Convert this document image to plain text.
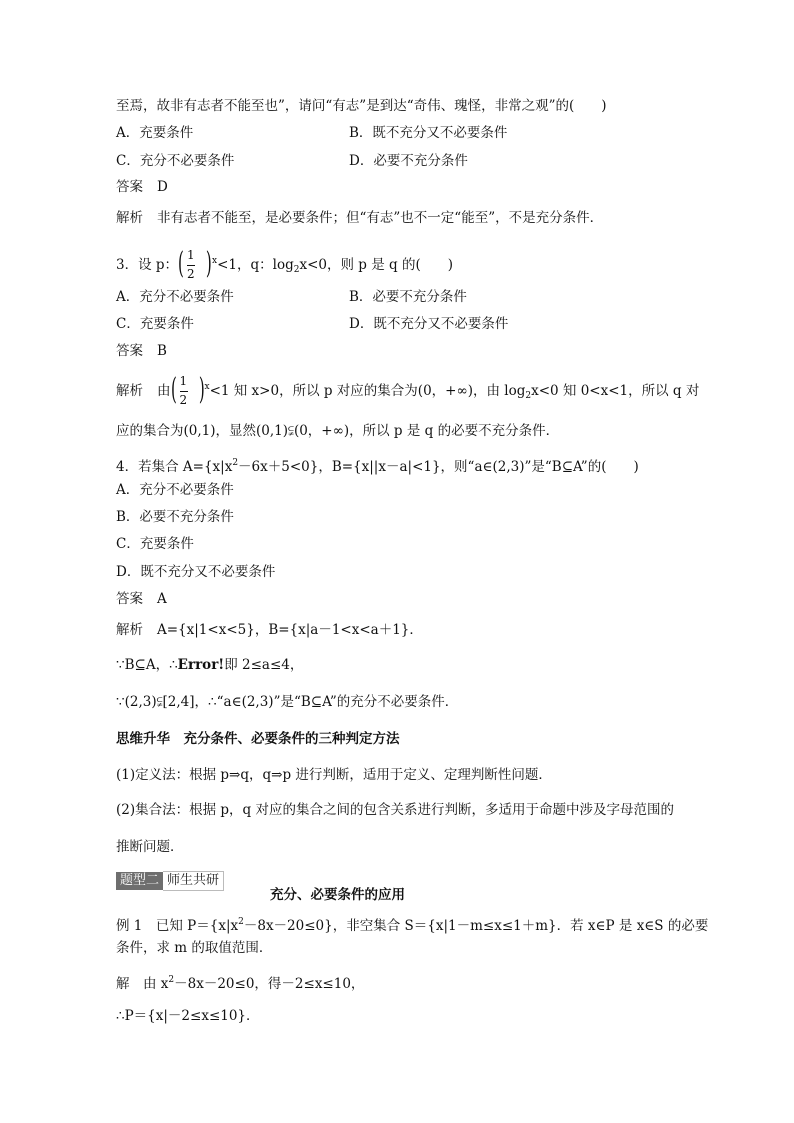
至焉，故非有志者不能至也”，请问“有志”是到达“奇伟、瑰怪，非常之观”的(　　)
A．充要条件	B．既不充分又不必要条件
C．充分不必要条件	D．必要不充分条件
答案 D
解析 非有志者不能至，是必要条件；但“有志”也不一定“能至”，不是充分条件．
3．设 p： ( 1
2 ) $^x$<1，q：$\log_2x<0$，则 p 是 q 的(　　)
A．充分不必要条件	B．必要不充分条件
C．充要条件	D．既不充分又不必要条件
答案 B
解析 由 ( 1
2 ) $^x$<1 知 x>0，所以 p 对应的集合为(0，+∞)，由 $\log_2x<0$ 知 0<x<1，所以 q 对
应的集合为(0,1)，显然(0,1)⫋(0，+∞)，所以 p 是 q 的必要不充分条件．
4．若集合 $A=\{x|x^2-6x+5<0\}$，B={x||x－a|<1}，则“a∈(2,3)”是“B⊆A”的(　　)
A．充分不必要条件
B．必要不充分条件
C．充要条件
D．既不充分又不必要条件
答案 A
解析 A={x|1<x<5}，B={x|a－1<x<a＋1}．
∵B⊆A，∴Error!即 2≤a≤4，
∵(2,3)⫋[2,4]，∴“a∈(2,3)”是“B⊆A”的充分不必要条件．
思维升华　充分条件、必要条件的三种判定方法
(1)定义法：根据 p⇒q，q⇒p 进行判断，适用于定义、定理判断性问题．
(2)集合法：根据 p，q 对应的集合之间的包含关系进行判断，多适用于命题中涉及字母范围的
推断问题．
题型二 师生共研
充分、必要条件的应用
例 1　已知 $P=\{x|x^2-8x-20\le 0\}$，非空集合 S＝{x|1－m≤x≤1＋m}．若 x∈P 是 x∈S 的必要
条件，求 m 的取值范围．
解　由 $x^2-8x-20\le 0$，得－2≤x≤10，
∴P＝{x|－2≤x≤10}．
